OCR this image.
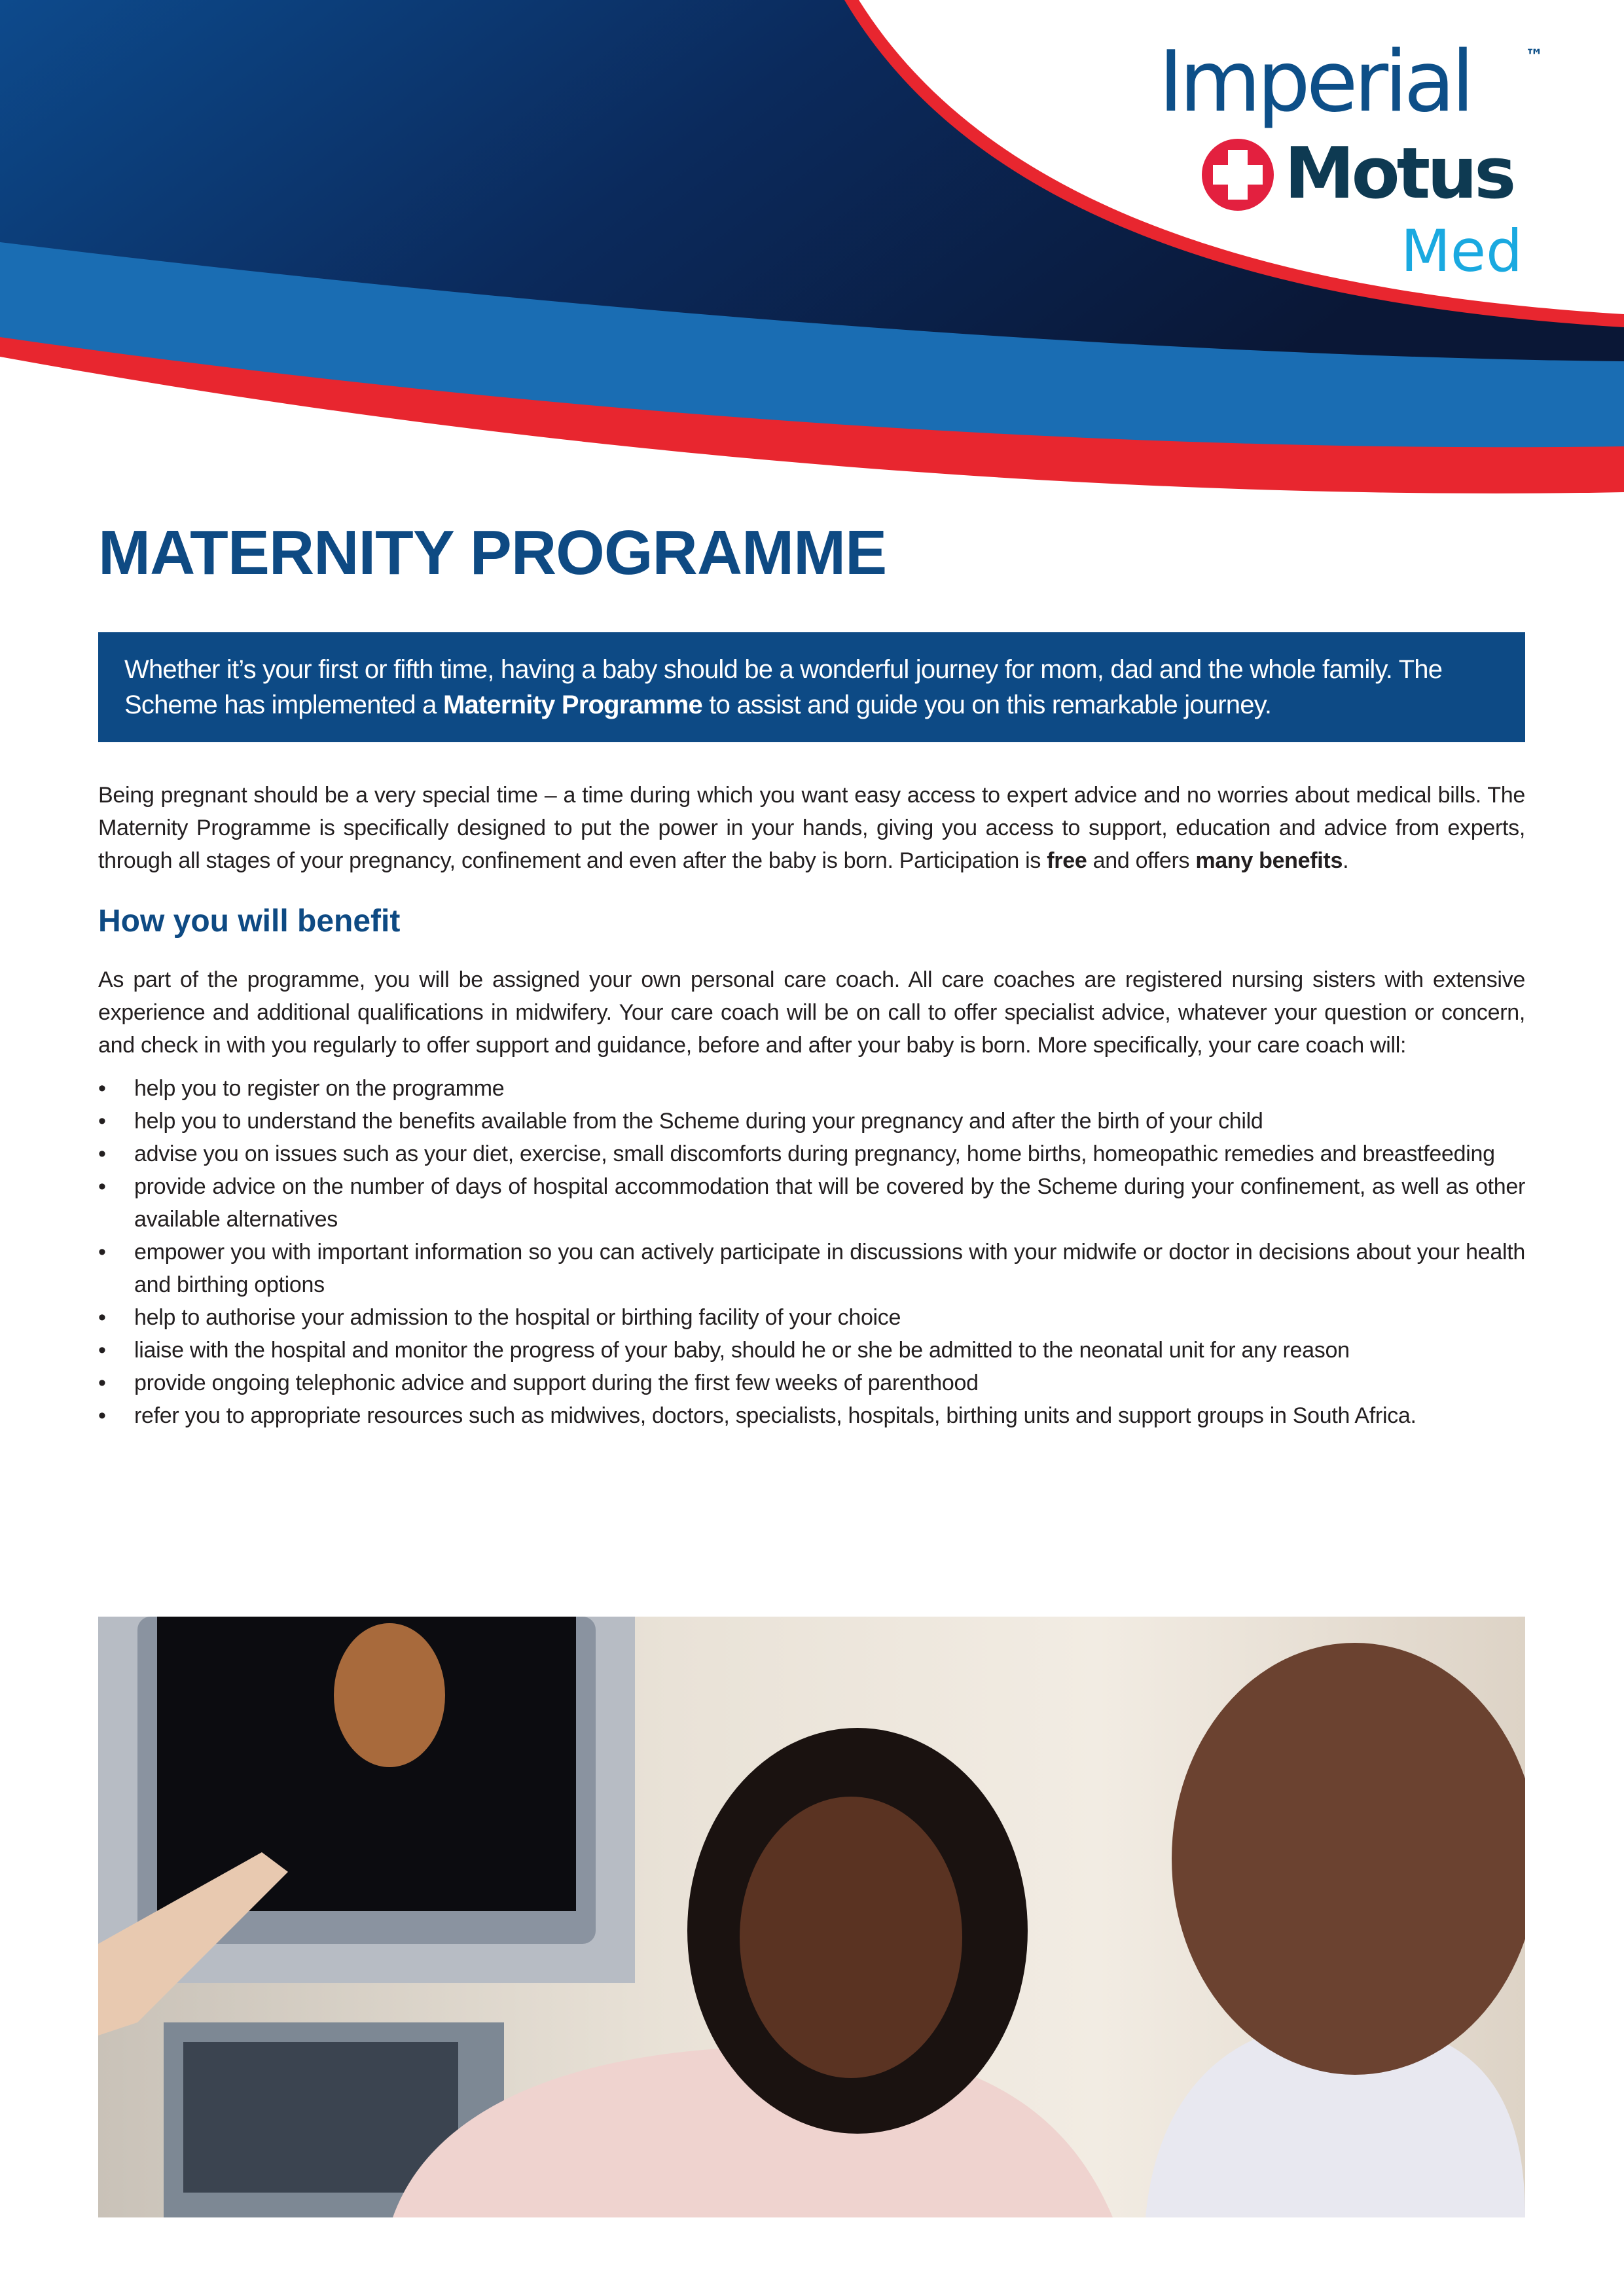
Imperial	™
Motus
Med
MATERNITY PROGRAMME
Whether it’s your first or fifth time, having a baby should be a wonderful journey for mom, dad and the whole family. The Scheme has implemented a Maternity Programme to assist and guide you on this remarkable journey.

Being pregnant should be a very special time – a time during which you want easy access to expert advice and no worries about medical bills. The Maternity Programme is specifically designed to put the power in your hands, giving you access to support, education and advice from experts, through all stages of your pregnancy, confinement and even after the baby is born. Participation is free and offers many benefits.

How you will benefit

As part of the programme, you will be assigned your own personal care coach. All care coaches are registered nursing sisters with extensive experience and additional qualifications in midwifery. Your care coach will be on call to offer specialist advice, whatever your question or concern, and check in with you regularly to offer support and guidance, before and after your baby is born. More specifically, your care coach will:

• help you to register on the programme
• help you to understand the benefits available from the Scheme during your pregnancy and after the birth of your child
• advise you on issues such as your diet, exercise, small discomforts during pregnancy, home births, homeopathic remedies and breastfeeding
• provide advice on the number of days of hospital accommodation that will be covered by the Scheme during your confinement, as well as other available alternatives
• empower you with important information so you can actively participate in discussions with your midwife or doctor in decisions about your health and birthing options
• help to authorise your admission to the hospital or birthing facility of your choice
• liaise with the hospital and monitor the progress of your baby, should he or she be admitted to the neonatal unit for any reason
• provide ongoing telephonic advice and support during the first few weeks of parenthood
• refer you to appropriate resources such as midwives, doctors, specialists, hospitals, birthing units and support groups in South Africa.
